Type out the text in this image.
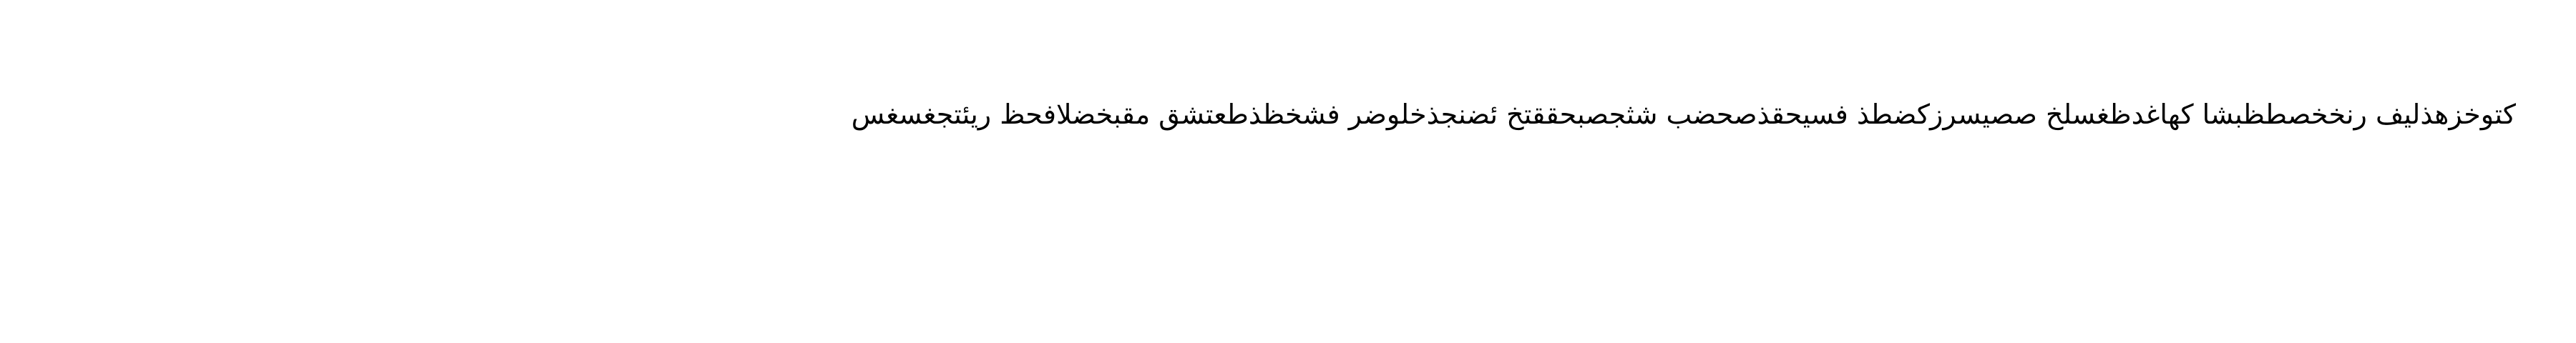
كتوخزهذليف رنخخصطظبشا كهاغدظغسلخ صصيسرزكضطذ فسيحقذصحضب شثجصبحققتخ ئضنجذخلوضر فشخظذطعتشق مقبخضلافحظ ريئتجغسغس
